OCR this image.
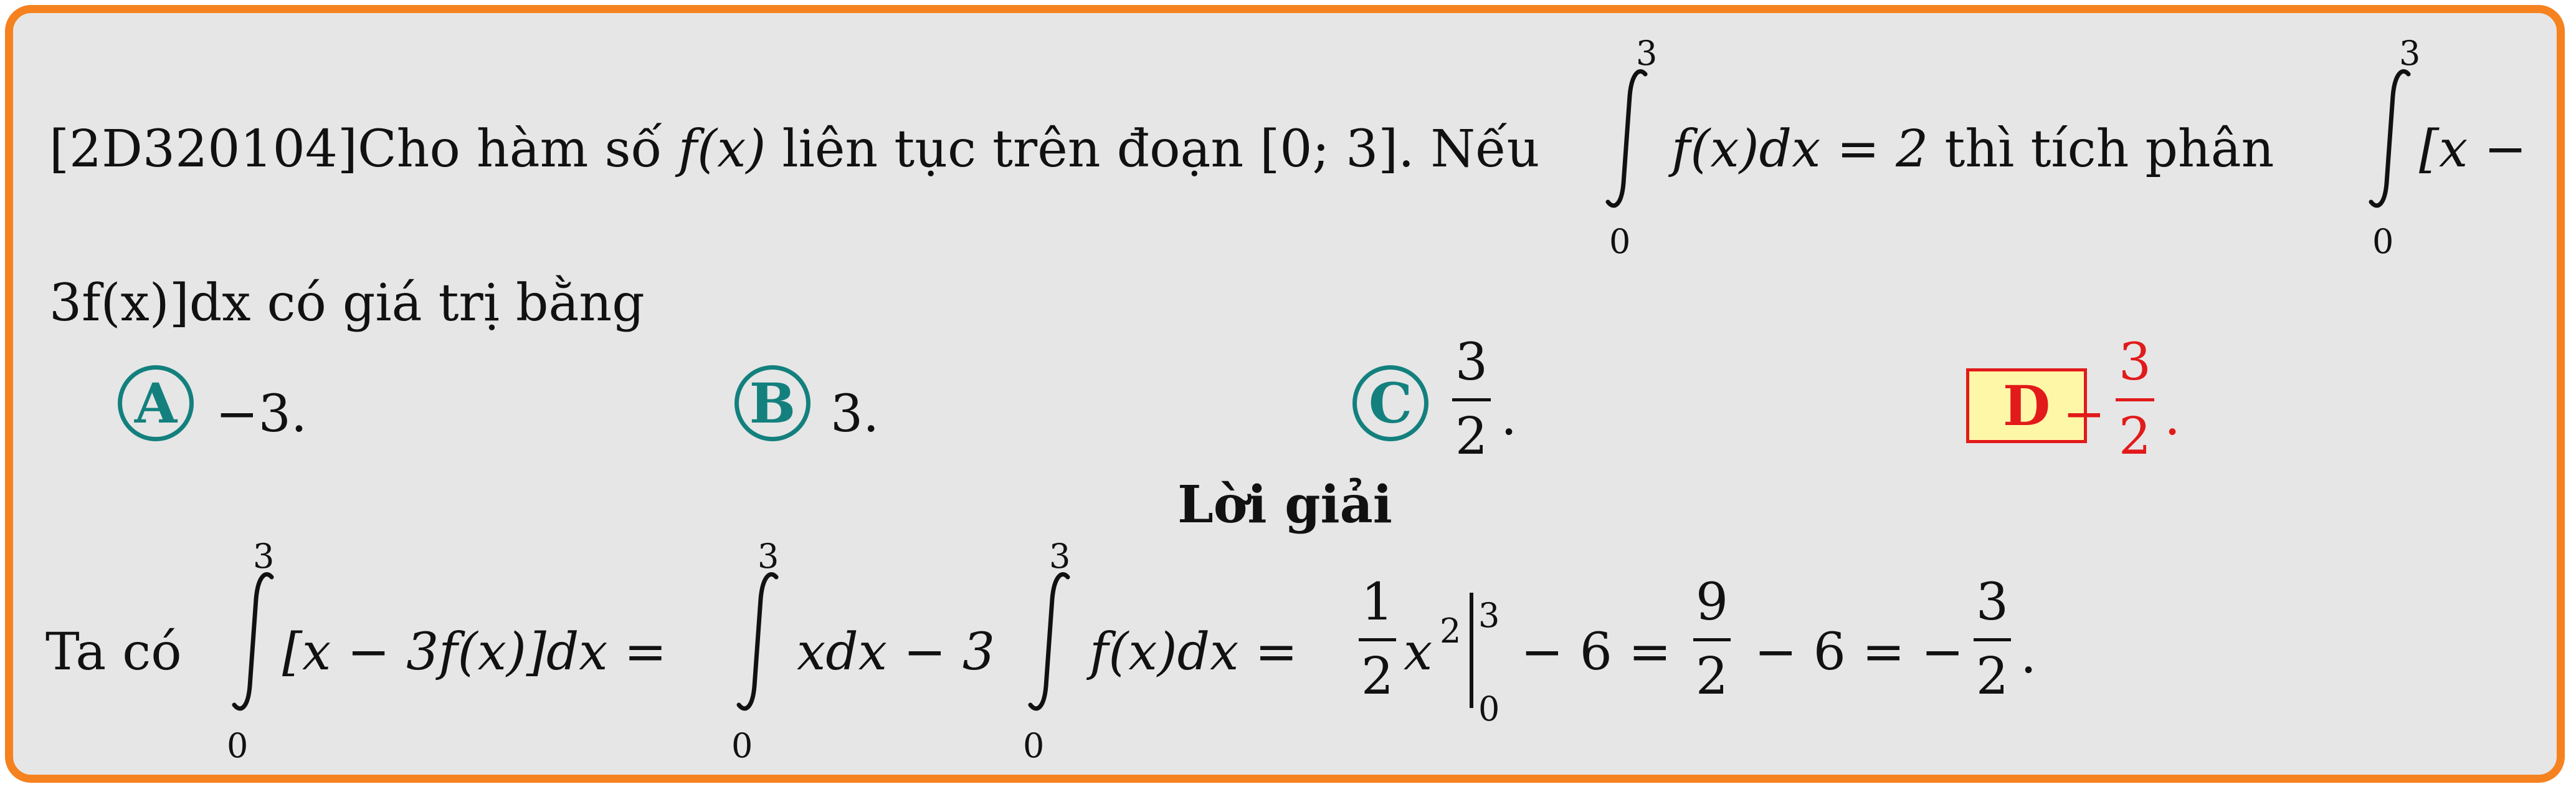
[2D320104]Cho hàm số f(x) liên tục trên đoạn [0; 3]. Nếu
3
0
f(x)dx = 2 thì tích phân
3
0
[x −
3f(x)]dx có giá trị bằng
A −3.	B 3.	C
3
2 .	D −
3
2 .
Lời giải
Ta có
3
0
[x − 3f(x)]dx =
3
0
xdx − 3
3
0
f(x)dx =
1
2 x 2 3
0
− 6 =
9
2 − 6 = −
3
2 .
